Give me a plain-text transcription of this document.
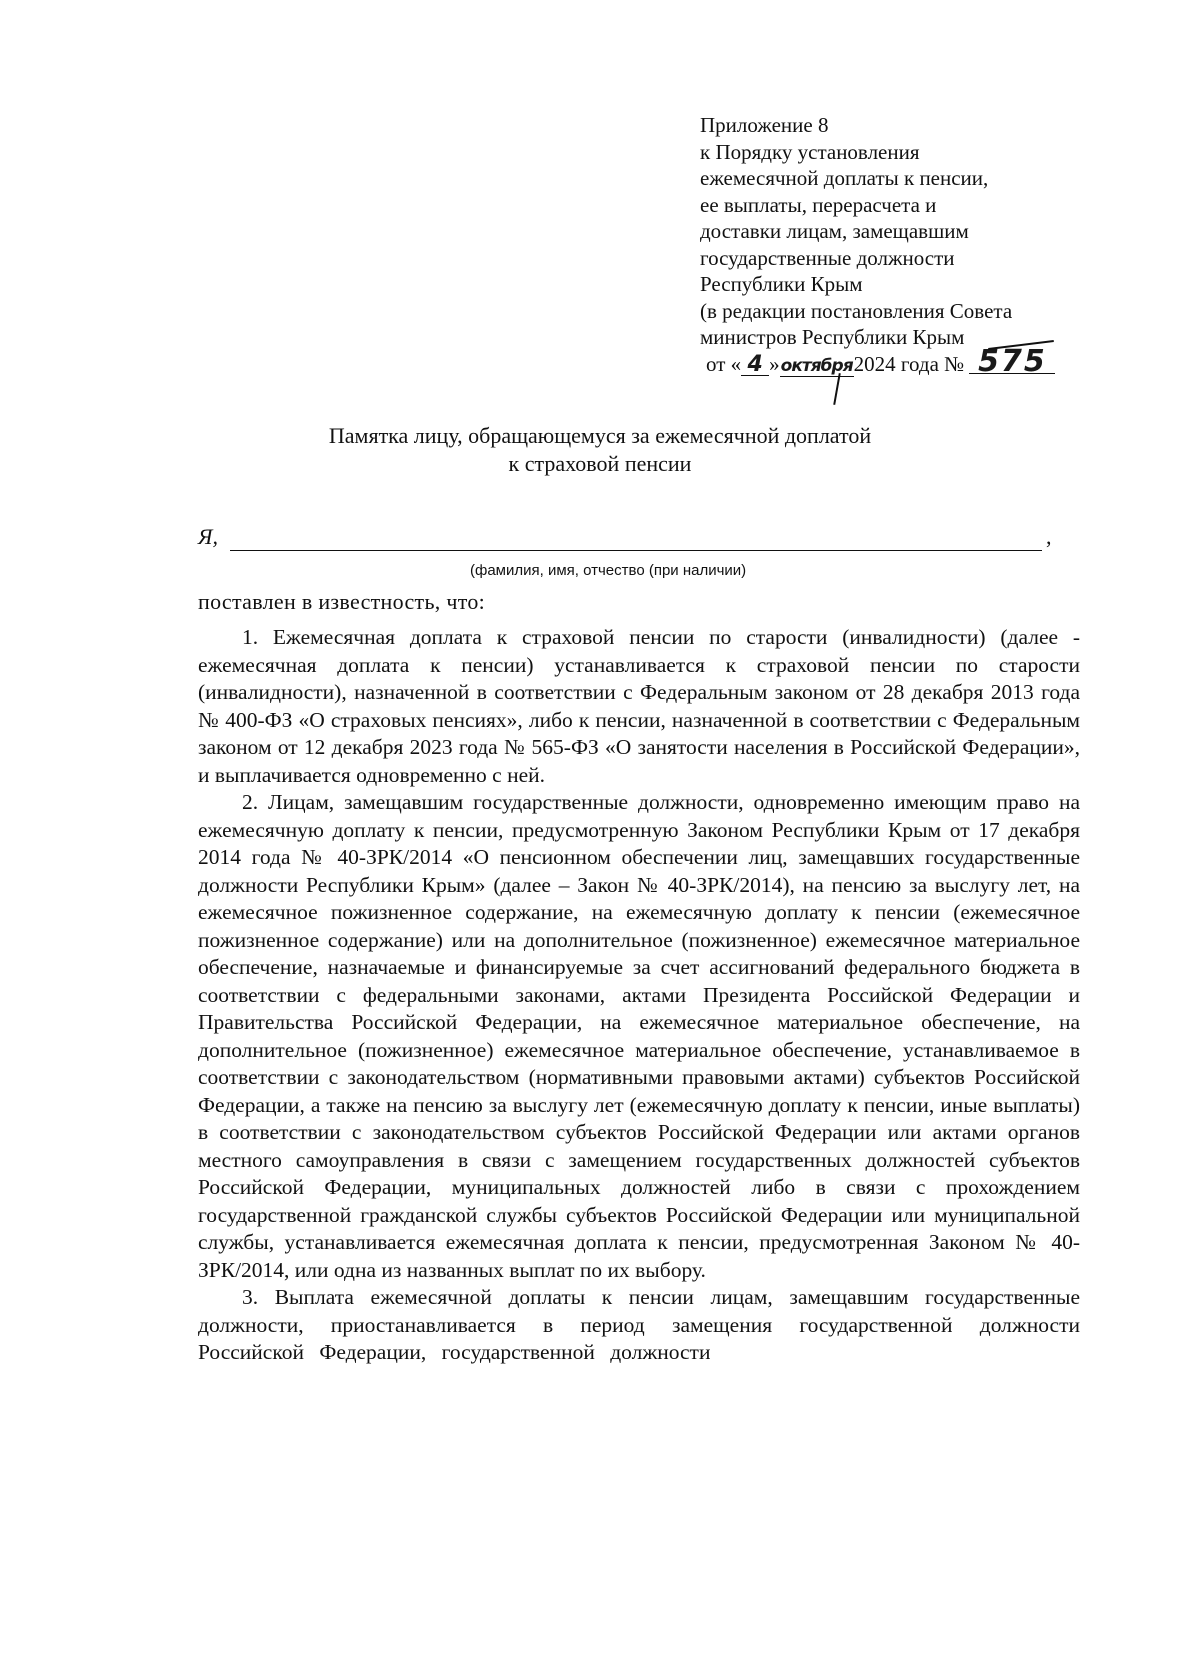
Приложение 8
к Порядку установления
ежемесячной доплаты к пенсии,
ее выплаты, перерасчета и
доставки лицам, замещавшим
государственные должности
Республики Крым
(в редакции постановления Совета
министров Республики Крым
от « 4 »октября2024 года № 575
Памятка лицу, обращающемуся за ежемесячной доплатой
к страховой пенсии
Я,	,
(фамилия, имя, отчество (при наличии)
поставлен в известность, что:

1. Ежемесячная доплата к страховой пенсии по старости (инвалидности) (далее - ежемесячная доплата к пенсии) устанавливается к страховой пенсии по старости (инвалидности), назначенной в соответствии с Федеральным законом от 28 декабря 2013 года № 400-ФЗ «О страховых пенсиях», либо к пенсии, назначенной в соответствии с Федеральным законом от 12 декабря 2023 года № 565-ФЗ «О занятости населения в Российской Федерации», и выплачивается одновременно с ней.

2. Лицам, замещавшим государственные должности, одновременно имеющим право на ежемесячную доплату к пенсии, предусмотренную Законом Республики Крым от 17 декабря 2014 года № 40-ЗРК/2014 «О пенсионном обеспечении лиц, замещавших государственные должности Республики Крым» (далее – Закон № 40-ЗРК/2014), на пенсию за выслугу лет, на ежемесячное пожизненное содержание, на ежемесячную доплату к пенсии (ежемесячное пожизненное содержание) или на дополнительное (пожизненное) ежемесячное материальное обеспечение, назначаемые и финансируемые за счет ассигнований федерального бюджета в соответствии с федеральными законами, актами Президента Российской Федерации и Правительства Российской Федерации, на ежемесячное материальное обеспечение, на дополнительное (пожизненное) ежемесячное материальное обеспечение, устанавливаемое в соответствии с законодательством (нормативными правовыми актами) субъектов Российской Федерации, а также на пенсию за выслугу лет (ежемесячную доплату к пенсии, иные выплаты) в соответствии с законодательством субъектов Российской Федерации или актами органов местного самоуправления в связи с замещением государственных должностей субъектов Российской Федерации, муниципальных должностей либо в связи с прохождением государственной гражданской службы субъектов Российской Федерации или муниципальной службы, устанавливается ежемесячная доплата к пенсии, предусмотренная Законом № 40-ЗРК/2014, или одна из названных выплат по их выбору.

3. Выплата ежемесячной доплаты к пенсии лицам, замещавшим государственные должности, приостанавливается в период замещения государственной должности Российской Федерации, государственной должности
